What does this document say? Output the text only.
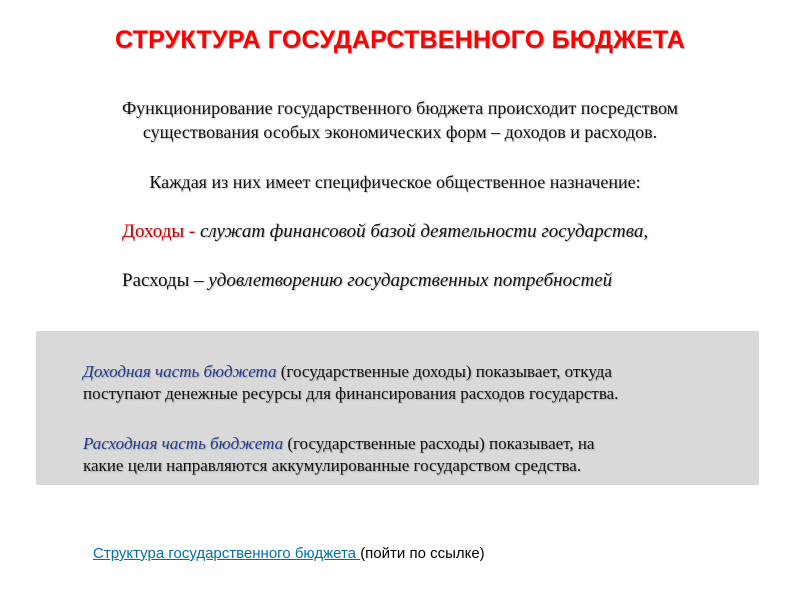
СТРУКТУРА ГОСУДАРСТВЕННОГО БЮДЖЕТА
Функционирование государственного бюджета происходит посредством
существования особых экономических форм – доходов и расходов.
Каждая из них имеет специфическое общественное назначение:
Доходы - служат финансовой базой деятельности государства,
Расходы – удовлетворению государственных потребностей
Доходная часть бюджета (государственные доходы) показывает, откуда
поступают денежные ресурсы для финансирования расходов государства.
Расходная часть бюджета (государственные расходы) показывает, на
какие цели направляются аккумулированные государством средства.
Структура государственного бюджета (пойти по ссылке)
